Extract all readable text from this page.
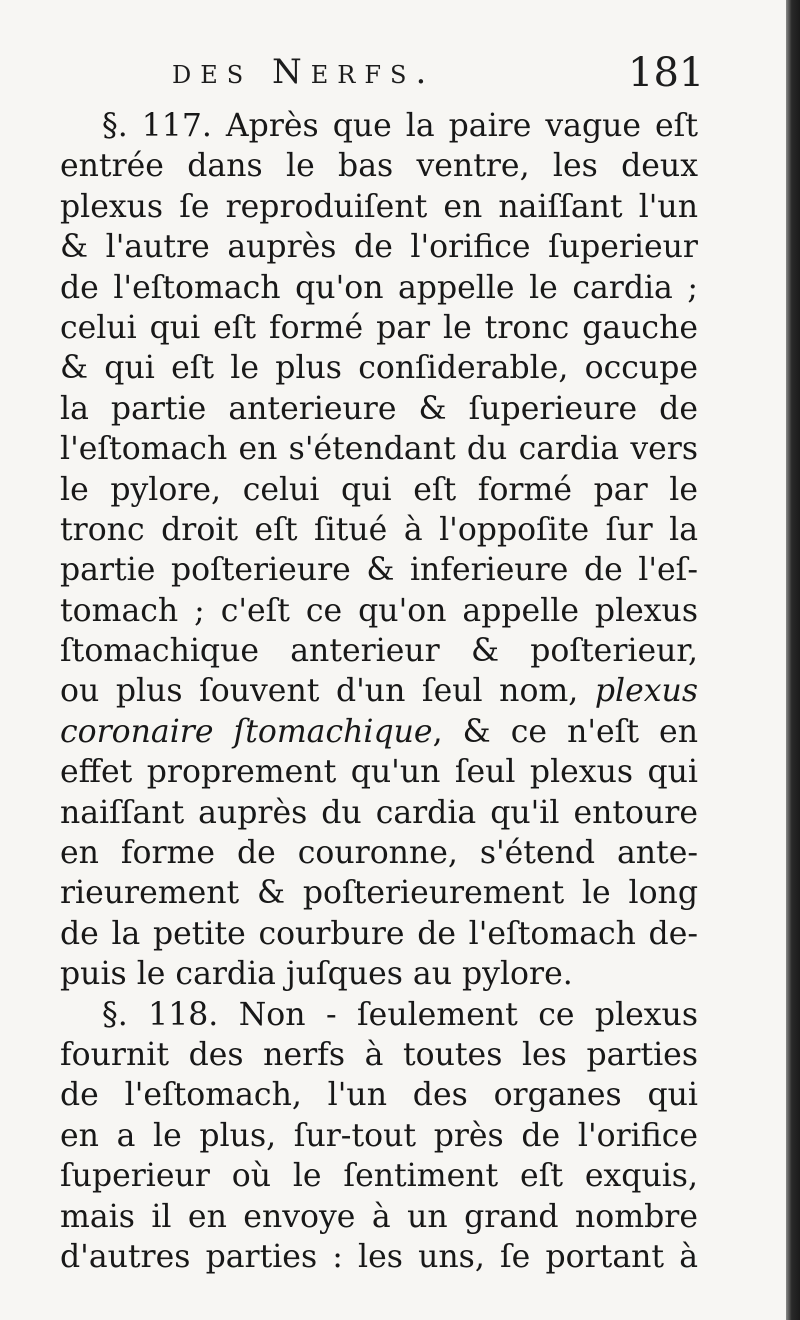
des Nerfs.	181
§. 117. Après que la paire vague eſt
entrée dans le bas ventre, les deux
plexus ſe reproduiſent en naiſſant l'un
& l'autre auprès de l'orifice ſuperieur
de l'eſtomach qu'on appelle le cardia ;
celui qui eſt formé par le tronc gauche
& qui eſt le plus conſiderable, occupe
la partie anterieure & ſuperieure de
l'eſtomach en s'étendant du cardia vers
le pylore, celui qui eſt formé par le
tronc droit eſt ſitué à l'oppoſite ſur la
partie poſterieure & inferieure de l'eſ-
tomach ; c'eſt ce qu'on appelle plexus
ſtomachique anterieur & poſterieur,
ou plus ſouvent d'un ſeul nom, plexus
coronaire ſtomachique, & ce n'eſt en
effet proprement qu'un ſeul plexus qui
naiſſant auprès du cardia qu'il entoure
en forme de couronne, s'étend ante-
rieurement & poſterieurement le long
de la petite courbure de l'eſtomach de-
puis le cardia juſques au pylore.
§. 118. Non - ſeulement ce plexus
fournit des nerfs à toutes les parties
de l'eſtomach, l'un des organes qui
en a le plus, ſur-tout près de l'orifice
ſuperieur où le ſentiment eſt exquis,
mais il en envoye à un grand nombre
d'autres parties : les uns, ſe portant à
